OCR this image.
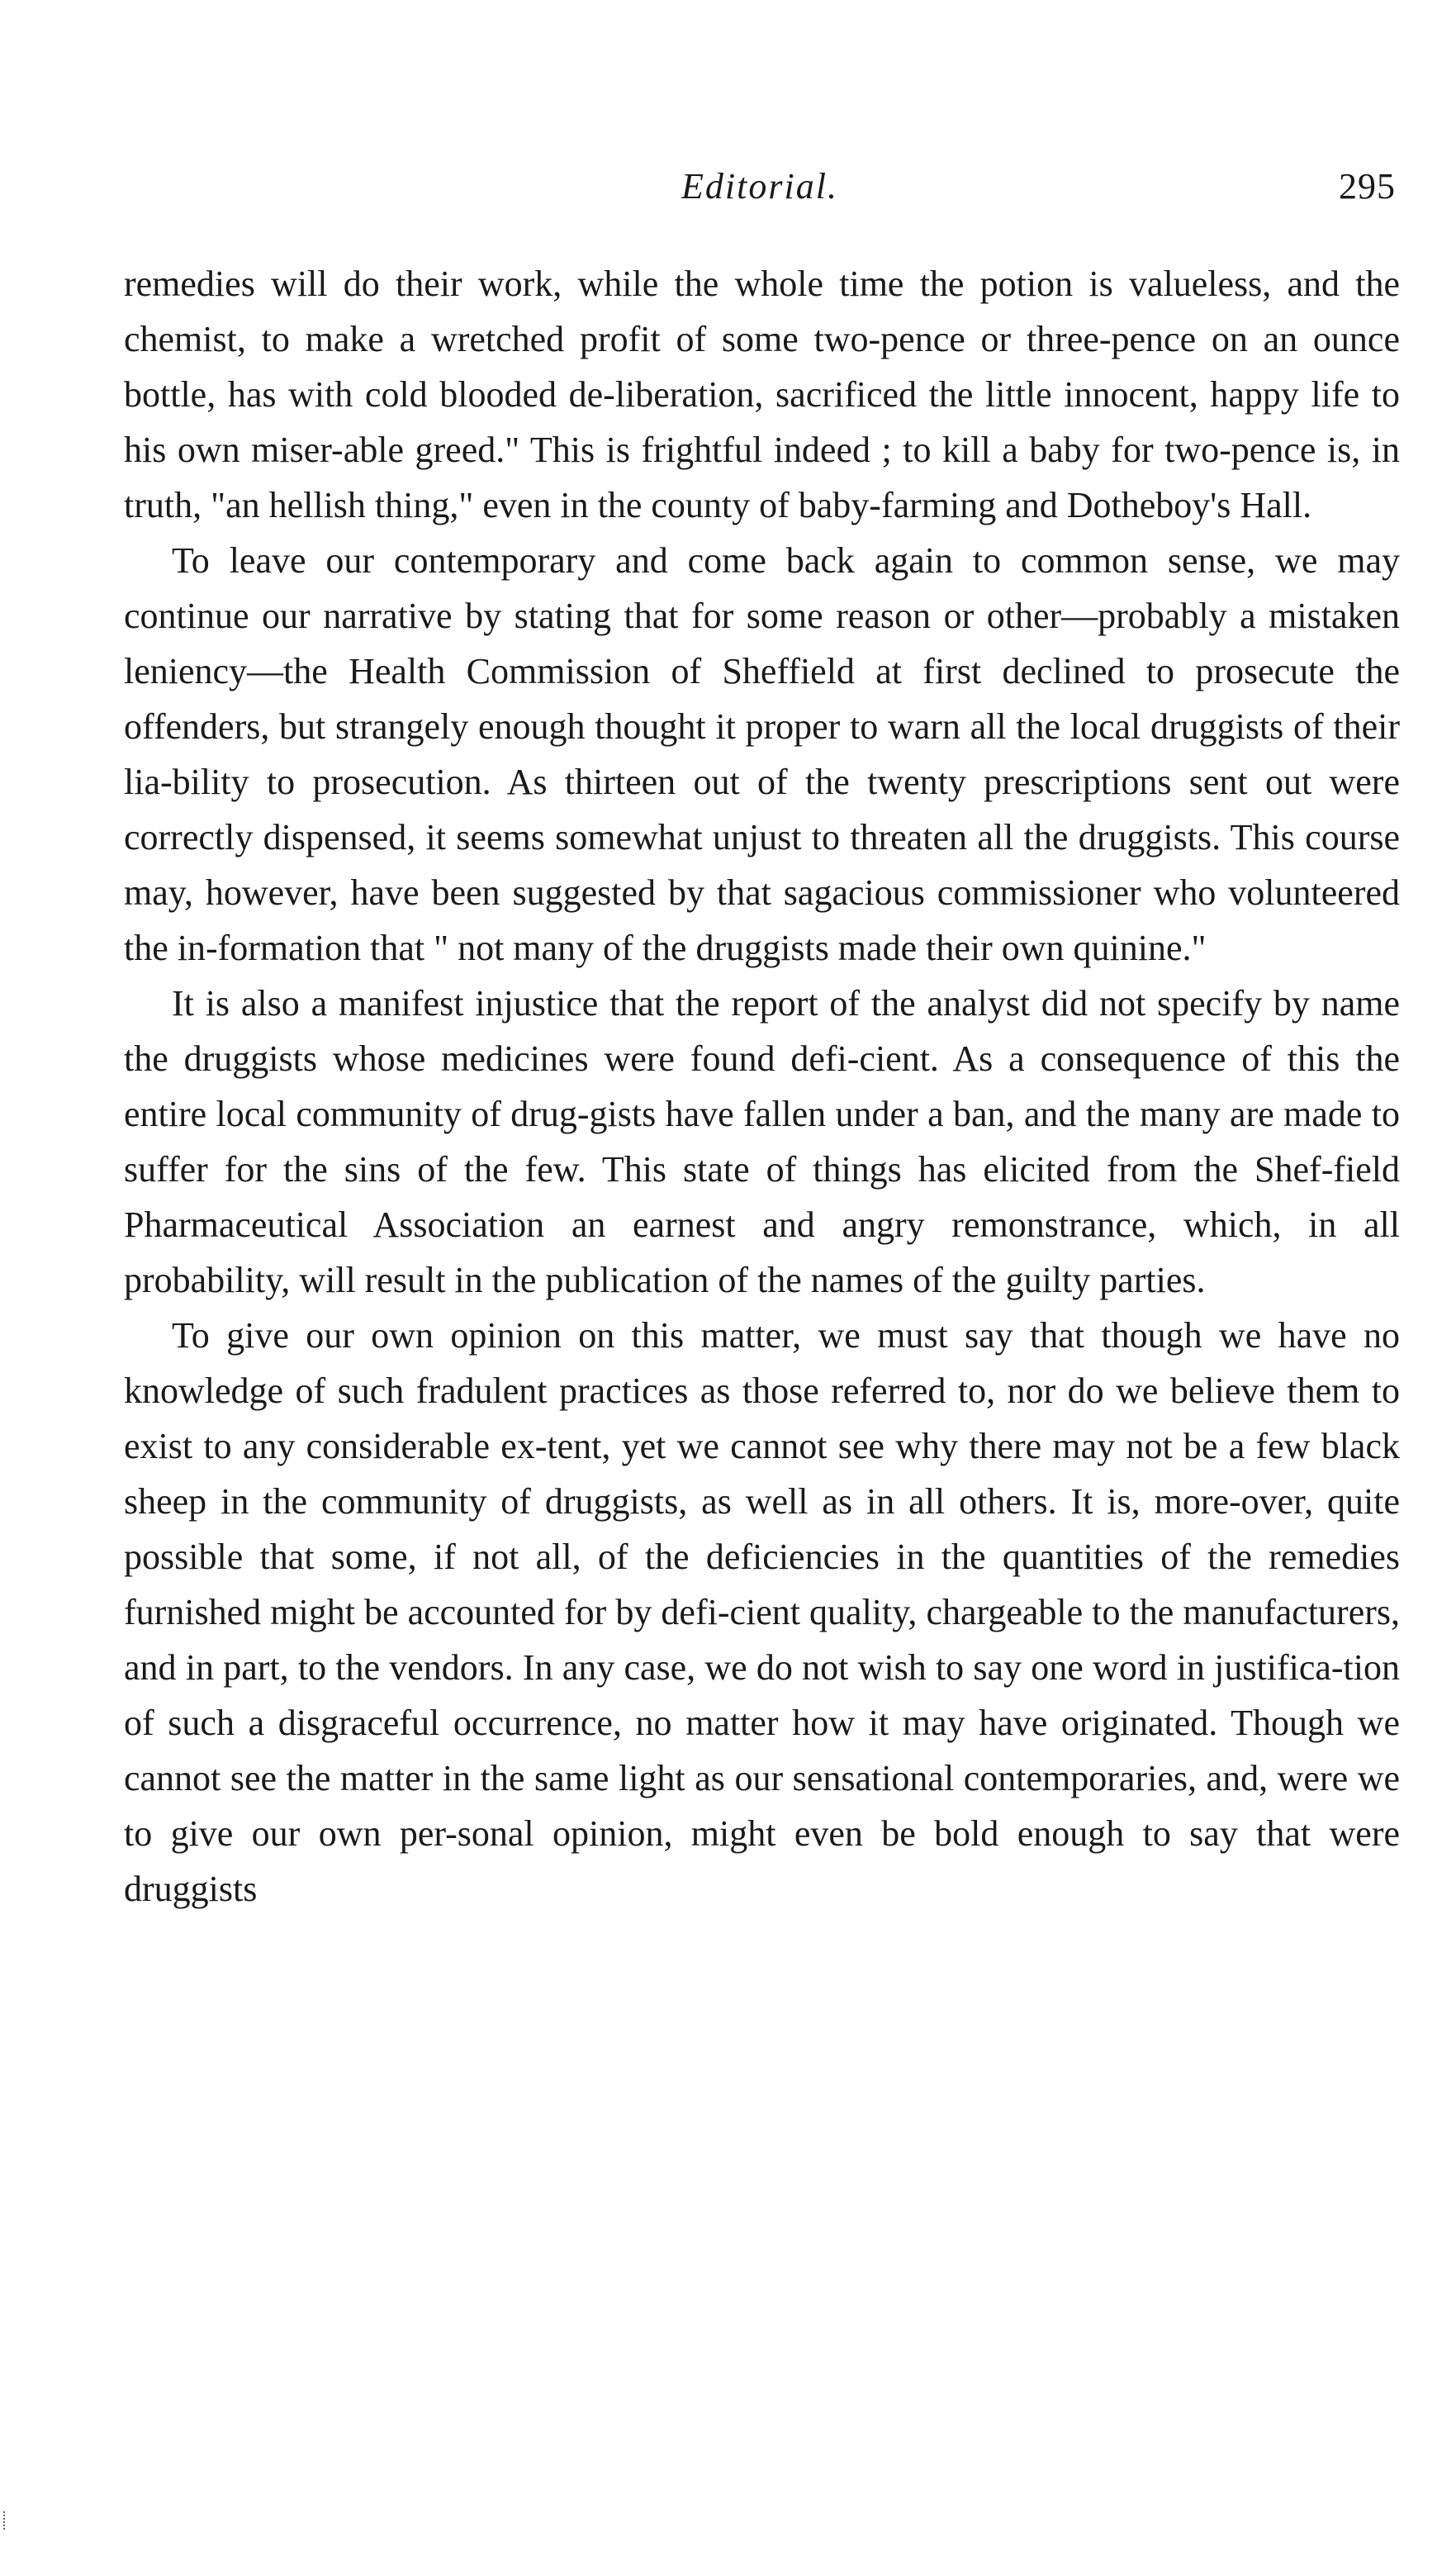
Editorial.	295

remedies will do their work, while the whole time the potion is valueless, and the chemist, to make a wretched profit of some two-pence or three-pence on an ounce bottle, has with cold blooded de-liberation, sacrificed the little innocent, happy life to his own miser-able greed." This is frightful indeed ; to kill a baby for two-pence is, in truth, "an hellish thing," even in the county of baby-farming and Dotheboy's Hall.

To leave our contemporary and come back again to common sense, we may continue our narrative by stating that for some reason or other—probably a mistaken leniency—the Health Commission of Sheffield at first declined to prosecute the offenders, but strangely enough thought it proper to warn all the local druggists of their lia-bility to prosecution. As thirteen out of the twenty prescriptions sent out were correctly dispensed, it seems somewhat unjust to threaten all the druggists. This course may, however, have been suggested by that sagacious commissioner who volunteered the in-formation that " not many of the druggists made their own quinine."

It is also a manifest injustice that the report of the analyst did not specify by name the druggists whose medicines were found defi-cient. As a consequence of this the entire local community of drug-gists have fallen under a ban, and the many are made to suffer for the sins of the few. This state of things has elicited from the Shef-field Pharmaceutical Association an earnest and angry remonstrance, which, in all probability, will result in the publication of the names of the guilty parties.

To give our own opinion on this matter, we must say that though we have no knowledge of such fradulent practices as those referred to, nor do we believe them to exist to any considerable ex-tent, yet we cannot see why there may not be a few black sheep in the community of druggists, as well as in all others. It is, more-over, quite possible that some, if not all, of the deficiencies in the quantities of the remedies furnished might be accounted for by defi-cient quality, chargeable to the manufacturers, and in part, to the vendors. In any case, we do not wish to say one word in justifica-tion of such a disgraceful occurrence, no matter how it may have originated. Though we cannot see the matter in the same light as our sensational contemporaries, and, were we to give our own per-sonal opinion, might even be bold enough to say that were druggists
